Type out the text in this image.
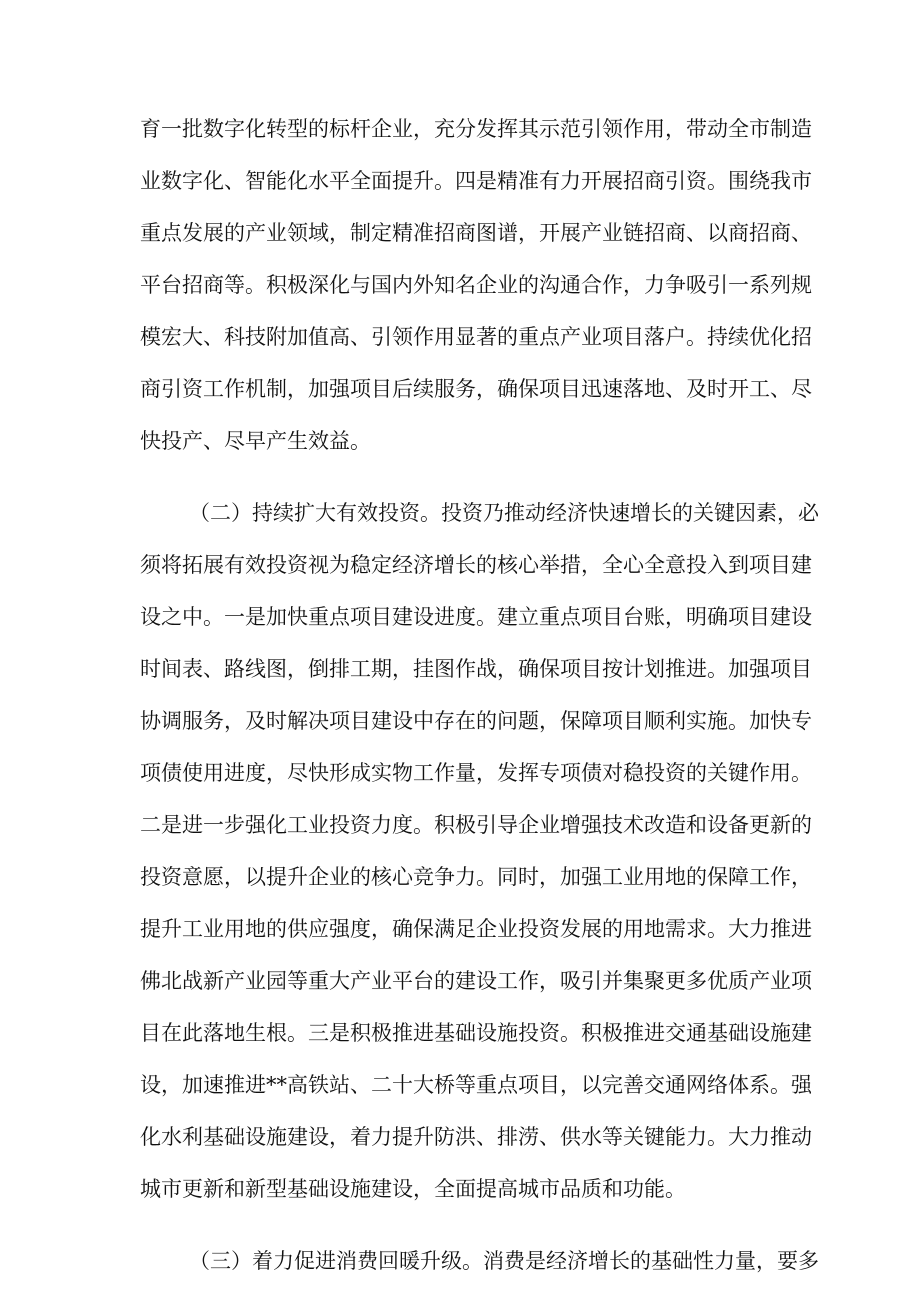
育一批数字化转型的标杆企业，充分发挥其示范引领作用，带动全市制造
业数字化、智能化水平全面提升。四是精准有力开展招商引资。围绕我市
重点发展的产业领域，制定精准招商图谱，开展产业链招商、以商招商、
平台招商等。积极深化与国内外知名企业的沟通合作，力争吸引一系列规
模宏大、科技附加值高、引领作用显著的重点产业项目落户。持续优化招
商引资工作机制，加强项目后续服务，确保项目迅速落地、及时开工、尽
快投产、尽早产生效益。
（二）持续扩大有效投资。投资乃推动经济快速增长的关键因素，必
须将拓展有效投资视为稳定经济增长的核心举措，全心全意投入到项目建
设之中。一是加快重点项目建设进度。建立重点项目台账，明确项目建设
时间表、路线图，倒排工期，挂图作战，确保项目按计划推进。加强项目
协调服务，及时解决项目建设中存在的问题，保障项目顺利实施。加快专
项债使用进度，尽快形成实物工作量，发挥专项债对稳投资的关键作用。
二是进一步强化工业投资力度。积极引导企业增强技术改造和设备更新的
投资意愿，以提升企业的核心竞争力。同时，加强工业用地的保障工作，
提升工业用地的供应强度，确保满足企业投资发展的用地需求。大力推进
佛北战新产业园等重大产业平台的建设工作，吸引并集聚更多优质产业项
目在此落地生根。三是积极推进基础设施投资。积极推进交通基础设施建
设，加速推进**高铁站、二十大桥等重点项目，以完善交通网络体系。强
化水利基础设施建设，着力提升防洪、排涝、供水等关键能力。大力推动
城市更新和新型基础设施建设，全面提高城市品质和功能。
（三）着力促进消费回暖升级。消费是经济增长的基础性力量，要多
